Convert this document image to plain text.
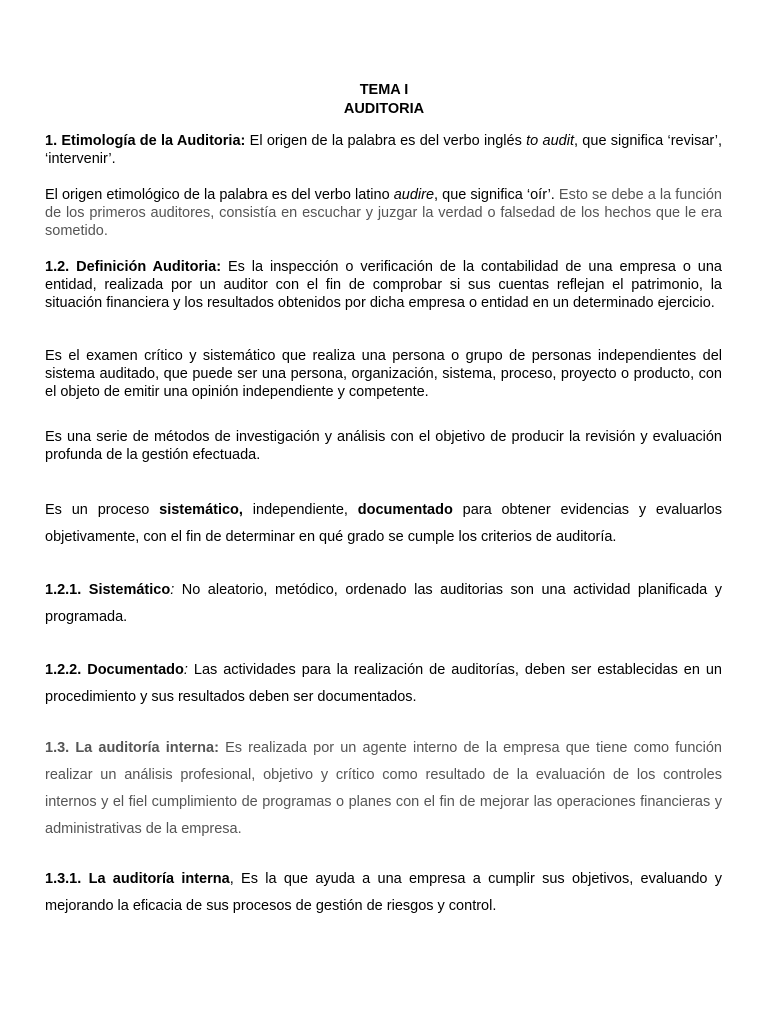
TEMA I
AUDITORIA

1. Etimología de la Auditoria: El origen de la palabra es del verbo inglés to audit, que significa ‘revisar’, ‘intervenir’.

El origen etimológico de la palabra es del verbo latino audire, que significa ‘oír’. Esto se debe a la función de los primeros auditores, consistía en escuchar y juzgar la verdad o falsedad de los hechos que le era sometido.

1.2. Definición Auditoria: Es la inspección o verificación de la contabilidad de una empresa o una entidad, realizada por un auditor con el fin de comprobar si sus cuentas reflejan el patrimonio, la situación financiera y los resultados obtenidos por dicha empresa o entidad en un determinado ejercicio.

Es el examen crítico y sistemático que realiza una persona o grupo de personas independientes del sistema auditado, que puede ser una persona, organización, sistema, proceso, proyecto o producto, con el objeto de emitir una opinión independiente y competente.

Es una serie de métodos de investigación y análisis con el objetivo de producir la revisión y evaluación profunda de la gestión efectuada.

Es un proceso sistemático, independiente, documentado para obtener evidencias y evaluarlos objetivamente, con el fin de determinar en qué grado se cumple los criterios de auditoría.

1.2.1. Sistemático: No aleatorio, metódico, ordenado las auditorias son una actividad planificada y programada.

1.2.2. Documentado: Las actividades para la realización de auditorías, deben ser establecidas en un procedimiento y sus resultados deben ser documentados.

1.3. La auditoría interna: Es realizada por un agente interno de la empresa que tiene como función realizar un análisis profesional, objetivo y crítico como resultado de la evaluación de los controles internos y el fiel cumplimiento de programas o planes con el fin de mejorar las operaciones financieras y administrativas de la empresa.

1.3.1. La auditoría interna, Es la que ayuda a una empresa a cumplir sus objetivos, evaluando y mejorando la eficacia de sus procesos de gestión de riesgos y control.
